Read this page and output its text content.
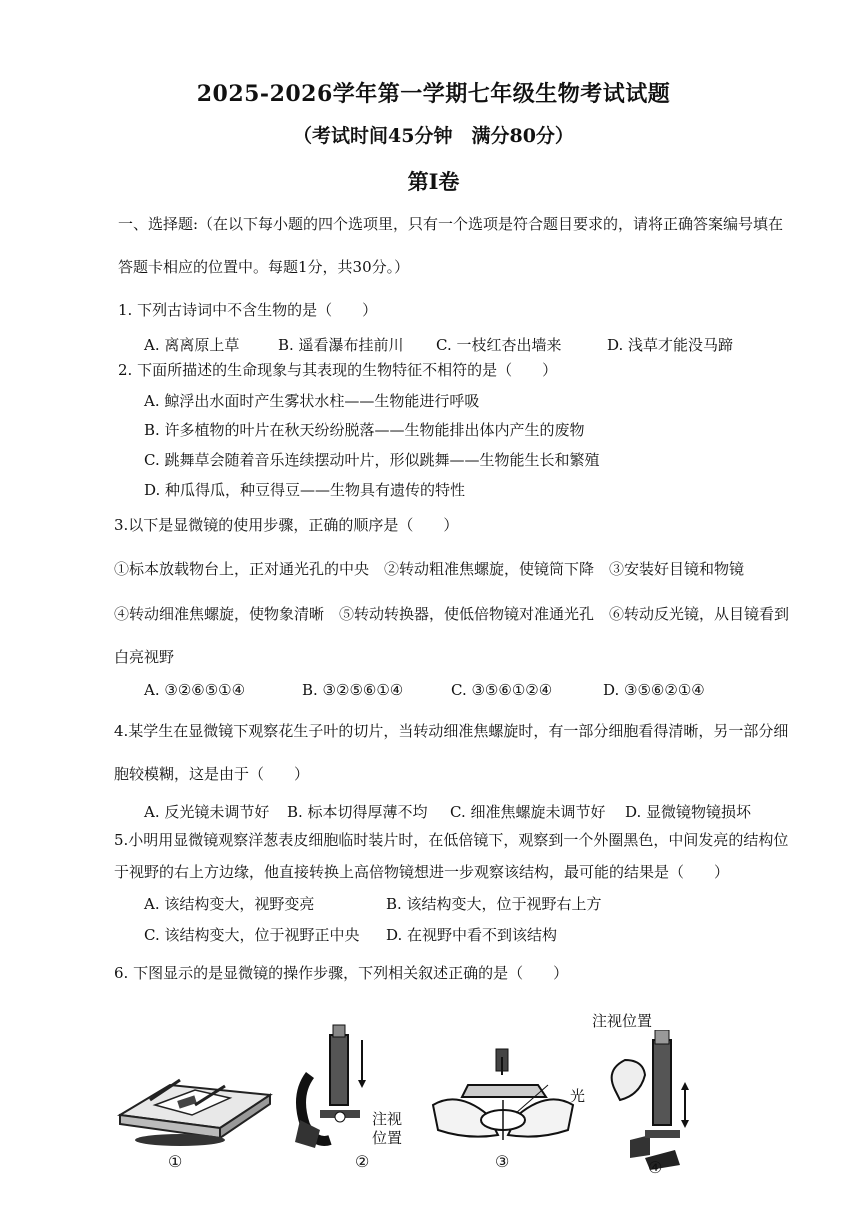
2025-2026学年第一学期七年级生物考试试题
（考试时间45分钟　满分80分）
第Ⅰ卷
一、选择题:（在以下每小题的四个选项里，只有一个选项是符合题目要求的，请将正确答案编号填在
答题卡相应的位置中。每题1分，共30分。）
1. 下列古诗词中不含生物的是（　　）
A. 离离原上草	B. 遥看瀑布挂前川 C. 一枝红杏出墙来	D. 浅草才能没马蹄
2. 下面所描述的生命现象与其表现的生物特征不相符的是（　　）
A. 鲸浮出水面时产生雾状水柱——生物能进行呼吸
B. 许多植物的叶片在秋天纷纷脱落——生物能排出体内产生的废物
C. 跳舞草会随着音乐连续摆动叶片，形似跳舞——生物能生长和繁殖
D. 种瓜得瓜，种豆得豆——生物具有遗传的特性
3.以下是显微镜的使用步骤，正确的顺序是（　　）
①标本放载物台上，正对通光孔的中央　②转动粗准焦螺旋，使镜筒下降　③安装好目镜和物镜
④转动细准焦螺旋，使物象清晰　⑤转动转换器，使低倍物镜对准通光孔　⑥转动反光镜，从目镜看到
白亮视野
A. ③②⑥⑤①④	B. ③②⑤⑥①④	C. ③⑤⑥①②④	D. ③⑤⑥②①④
4.某学生在显微镜下观察花生子叶的切片，当转动细准焦螺旋时，有一部分细胞看得清晰，另一部分细
胞较模糊，这是由于（　　）
A. 反光镜未调节好 B. 标本切得厚薄不均 C. 细准焦螺旋未调节好 D. 显微镜物镜损坏
5.小明用显微镜观察洋葱表皮细胞临时装片时，在低倍镜下，观察到一个外圈黑色，中间发亮的结构位
于视野的右上方边缘，他直接转换上高倍物镜想进一步观察该结构，最可能的结果是（　　）
A. 该结构变大，视野变亮	B. 该结构变大，位于视野右上方
C. 该结构变大，位于视野正中央 D. 在视野中看不到该结构
6. 下图显示的是显微镜的操作步骤，下列相关叙述正确的是（　　）
①
注视
位置
②
光
③
注视位置
④
